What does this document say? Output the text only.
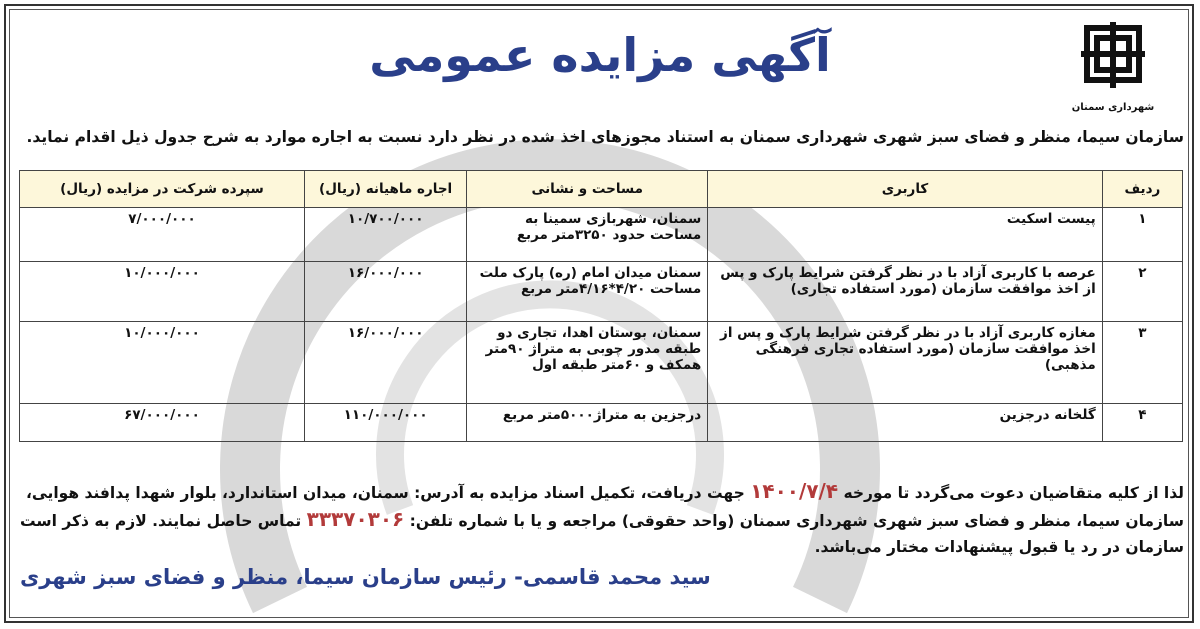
شهرداری سمنان
آگهی مزایده عمومی
سازمان سیما، منظر و فضای سبز شهری شهرداری سمنان به استناد مجوزهای اخذ شده در نظر دارد نسبت به اجاره موارد به شرح جدول ذیل اقدام نماید.
ردیف	کاربری	مساحت و نشانی	اجاره ماهیانه (ریال)	سپرده شرکت در مزایده (ریال)
۱	پیست اسکیت	سمنان، شهربازی سمینا به مساحت حدود ۳۲۵۰متر مربع	۱۰/۷۰۰/۰۰۰	۷/۰۰۰/۰۰۰
۲	عرصه با کاربری آزاد با در نظر گرفتن شرایط پارک و پس از اخذ موافقت سازمان (مورد استفاده تجاری)	سمنان میدان امام (ره) پارک ملت مساحت ۴/۲۰*۴/۱۶متر مربع	۱۶/۰۰۰/۰۰۰	۱۰/۰۰۰/۰۰۰
۳	مغازه کاربری آزاد با در نظر گرفتن شرایط پارک و پس از اخذ موافقت سازمان (مورد استفاده تجاری فرهنگی مذهبی)	سمنان، بوستان اهدا، تجاری دو طبقه مدور چوبی به متراژ ۹۰متر همکف و ۶۰متر طبقه اول	۱۶/۰۰۰/۰۰۰	۱۰/۰۰۰/۰۰۰
۴	گلخانه درجزین	درجزین به متراژ۵۰۰۰متر مربع	۱۱۰/۰۰۰/۰۰۰	۶۷/۰۰۰/۰۰۰
لذا از کلیه متقاضیان دعوت می‌گردد تا مورخه ۱۴۰۰/۷/۴ جهت دریافت، تکمیل اسناد مزایده به آدرس: سمنان، میدان استاندارد، بلوار شهدا پدافند هوایی، سازمان سیما، منظر و فضای سبز شهری شهرداری سمنان (واحد حقوقی) مراجعه و یا با شماره تلفن: ۳۳۳۷۰۳۰۶ تماس حاصل نمایند. لازم به ذکر است سازمان در رد یا قبول پیشنهادات مختار می‌باشد.
سید محمد قاسمی- رئیس سازمان سیما، منظر و فضای سبز شهری
